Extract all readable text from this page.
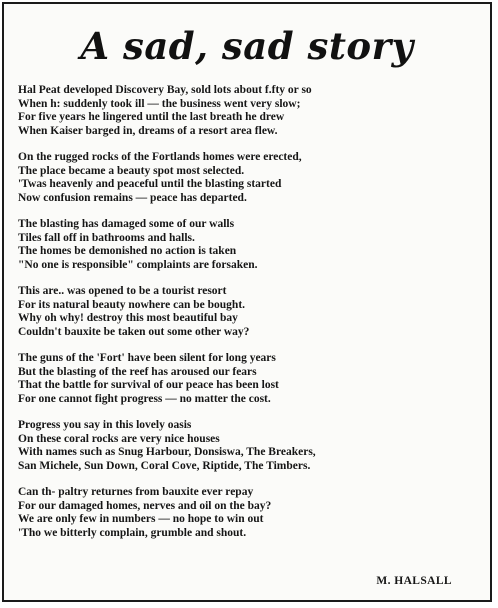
A sad, sad story
Hal Peat developed Discovery Bay, sold lots about f.fty or so
When h: suddenly took ill — the business went very slow;
For five years he lingered until the last breath he drew
When Kaiser barged in, dreams of a resort area flew.
On the rugged rocks of the Fortlands homes were erected,
The place became a beauty spot most selected.
'Twas heavenly and peaceful until the blasting started
Now confusion remains — peace has departed.
The blasting has damaged some of our walls
Tiles fall off in bathrooms and halls.
The homes be demonished no action is taken
"No one is responsible" complaints are forsaken.
This are.. was opened to be a tourist resort
For its natural beauty nowhere can be bought.
Why oh why! destroy this most beautiful bay
Couldn't bauxite be taken out some other way?
The guns of the 'Fort' have been silent for long years
But the blasting of the reef has aroused our fears
That the battle for survival of our peace has been lost
For one cannot fight progress — no matter the cost.
Progress you say in this lovely oasis
On these coral rocks are very nice houses
With names such as Snug Harbour, Donsiswa, The Breakers,
San Michele, Sun Down, Coral Cove, Riptide, The Timbers.
Can th- paltry returnes from bauxite ever repay
For our damaged homes, nerves and oil on the bay?
We are only few in numbers — no hope to win out
'Tho we bitterly complain, grumble and shout.
M. HALSALL
